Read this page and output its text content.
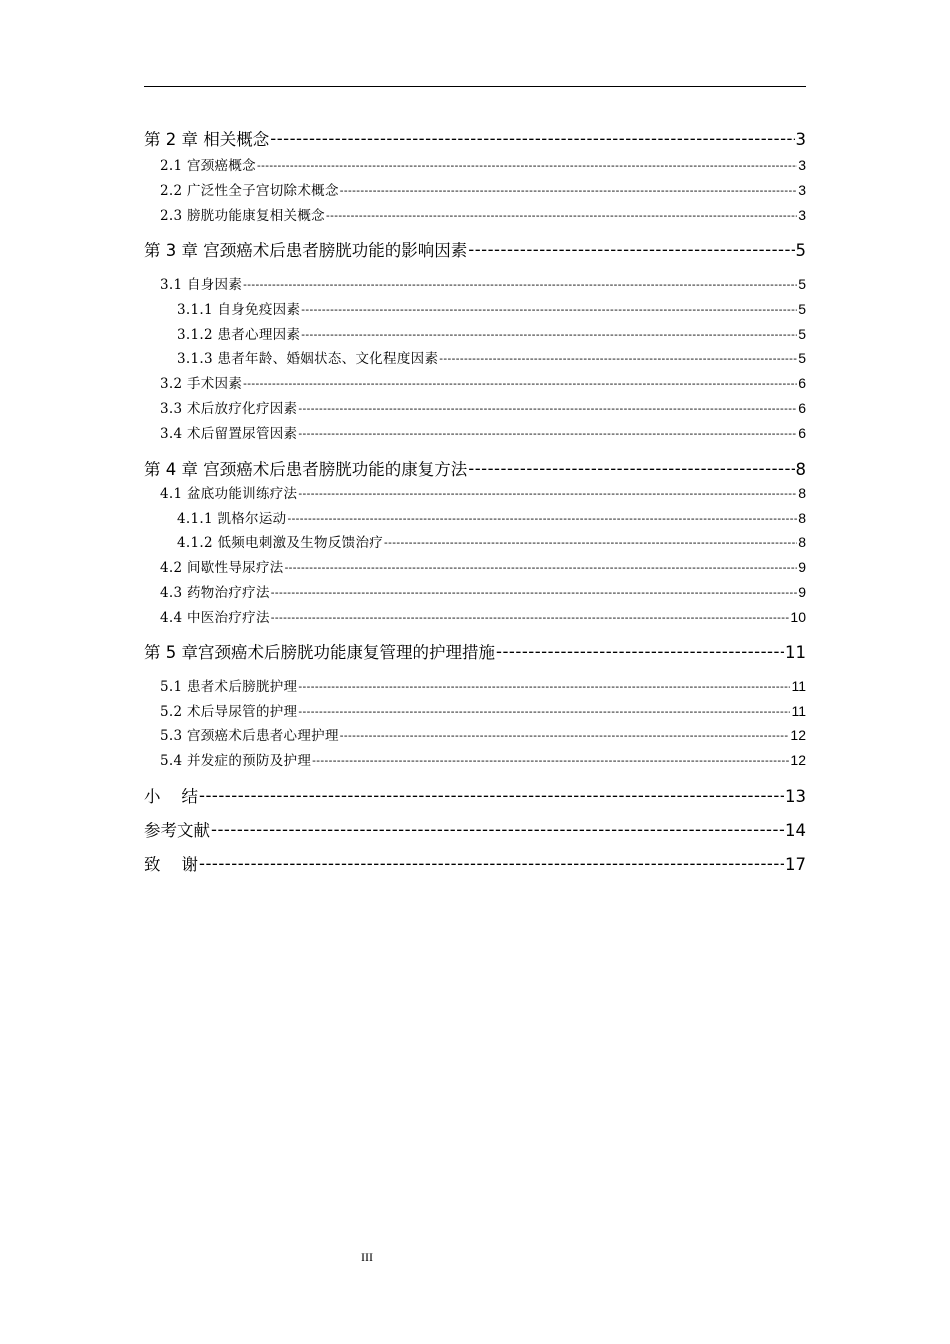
第 2 章 相关概念 -----	3
2.1 宫颈癌概念 -----	3
2.2 广泛性全子宫切除术概念 -----	3
2.3 膀胱功能康复相关概念 -----	3
第 3 章 宫颈癌术后患者膀胱功能的影响因素 -----	5
3.1 自身因素 -----	5
3.1.1 自身免疫因素 -----	5
3.1.2 患者心理因素 -----	5
3.1.3 患者年龄、婚姻状态、文化程度因素 -----	5
3.2 手术因素 -----	6
3.3 术后放疗化疗因素 -----	6
3.4 术后留置尿管因素 -----	6
第 4 章 宫颈癌术后患者膀胱功能的康复方法 -----	8
4.1 盆底功能训练疗法 -----	8
4.1.1 凯格尔运动 -----	8
4.1.2 低频电刺激及生物反馈治疗 -----	8
4.2 间歇性导尿疗法 -----	9
4.3 药物治疗疗法 -----	9
4.4 中医治疗疗法 -----	10
第 5 章宫颈癌术后膀胱功能康复管理的护理措施 -----	11
5.1 患者术后膀胱护理 -----	11
5.2 术后导尿管的护理 -----	11
5.3 宫颈癌术后患者心理护理 -----	12
5.4 并发症的预防及护理 -----	12
小    结 -----	13
参考文献 -----	14
致    谢 -----	17
III
